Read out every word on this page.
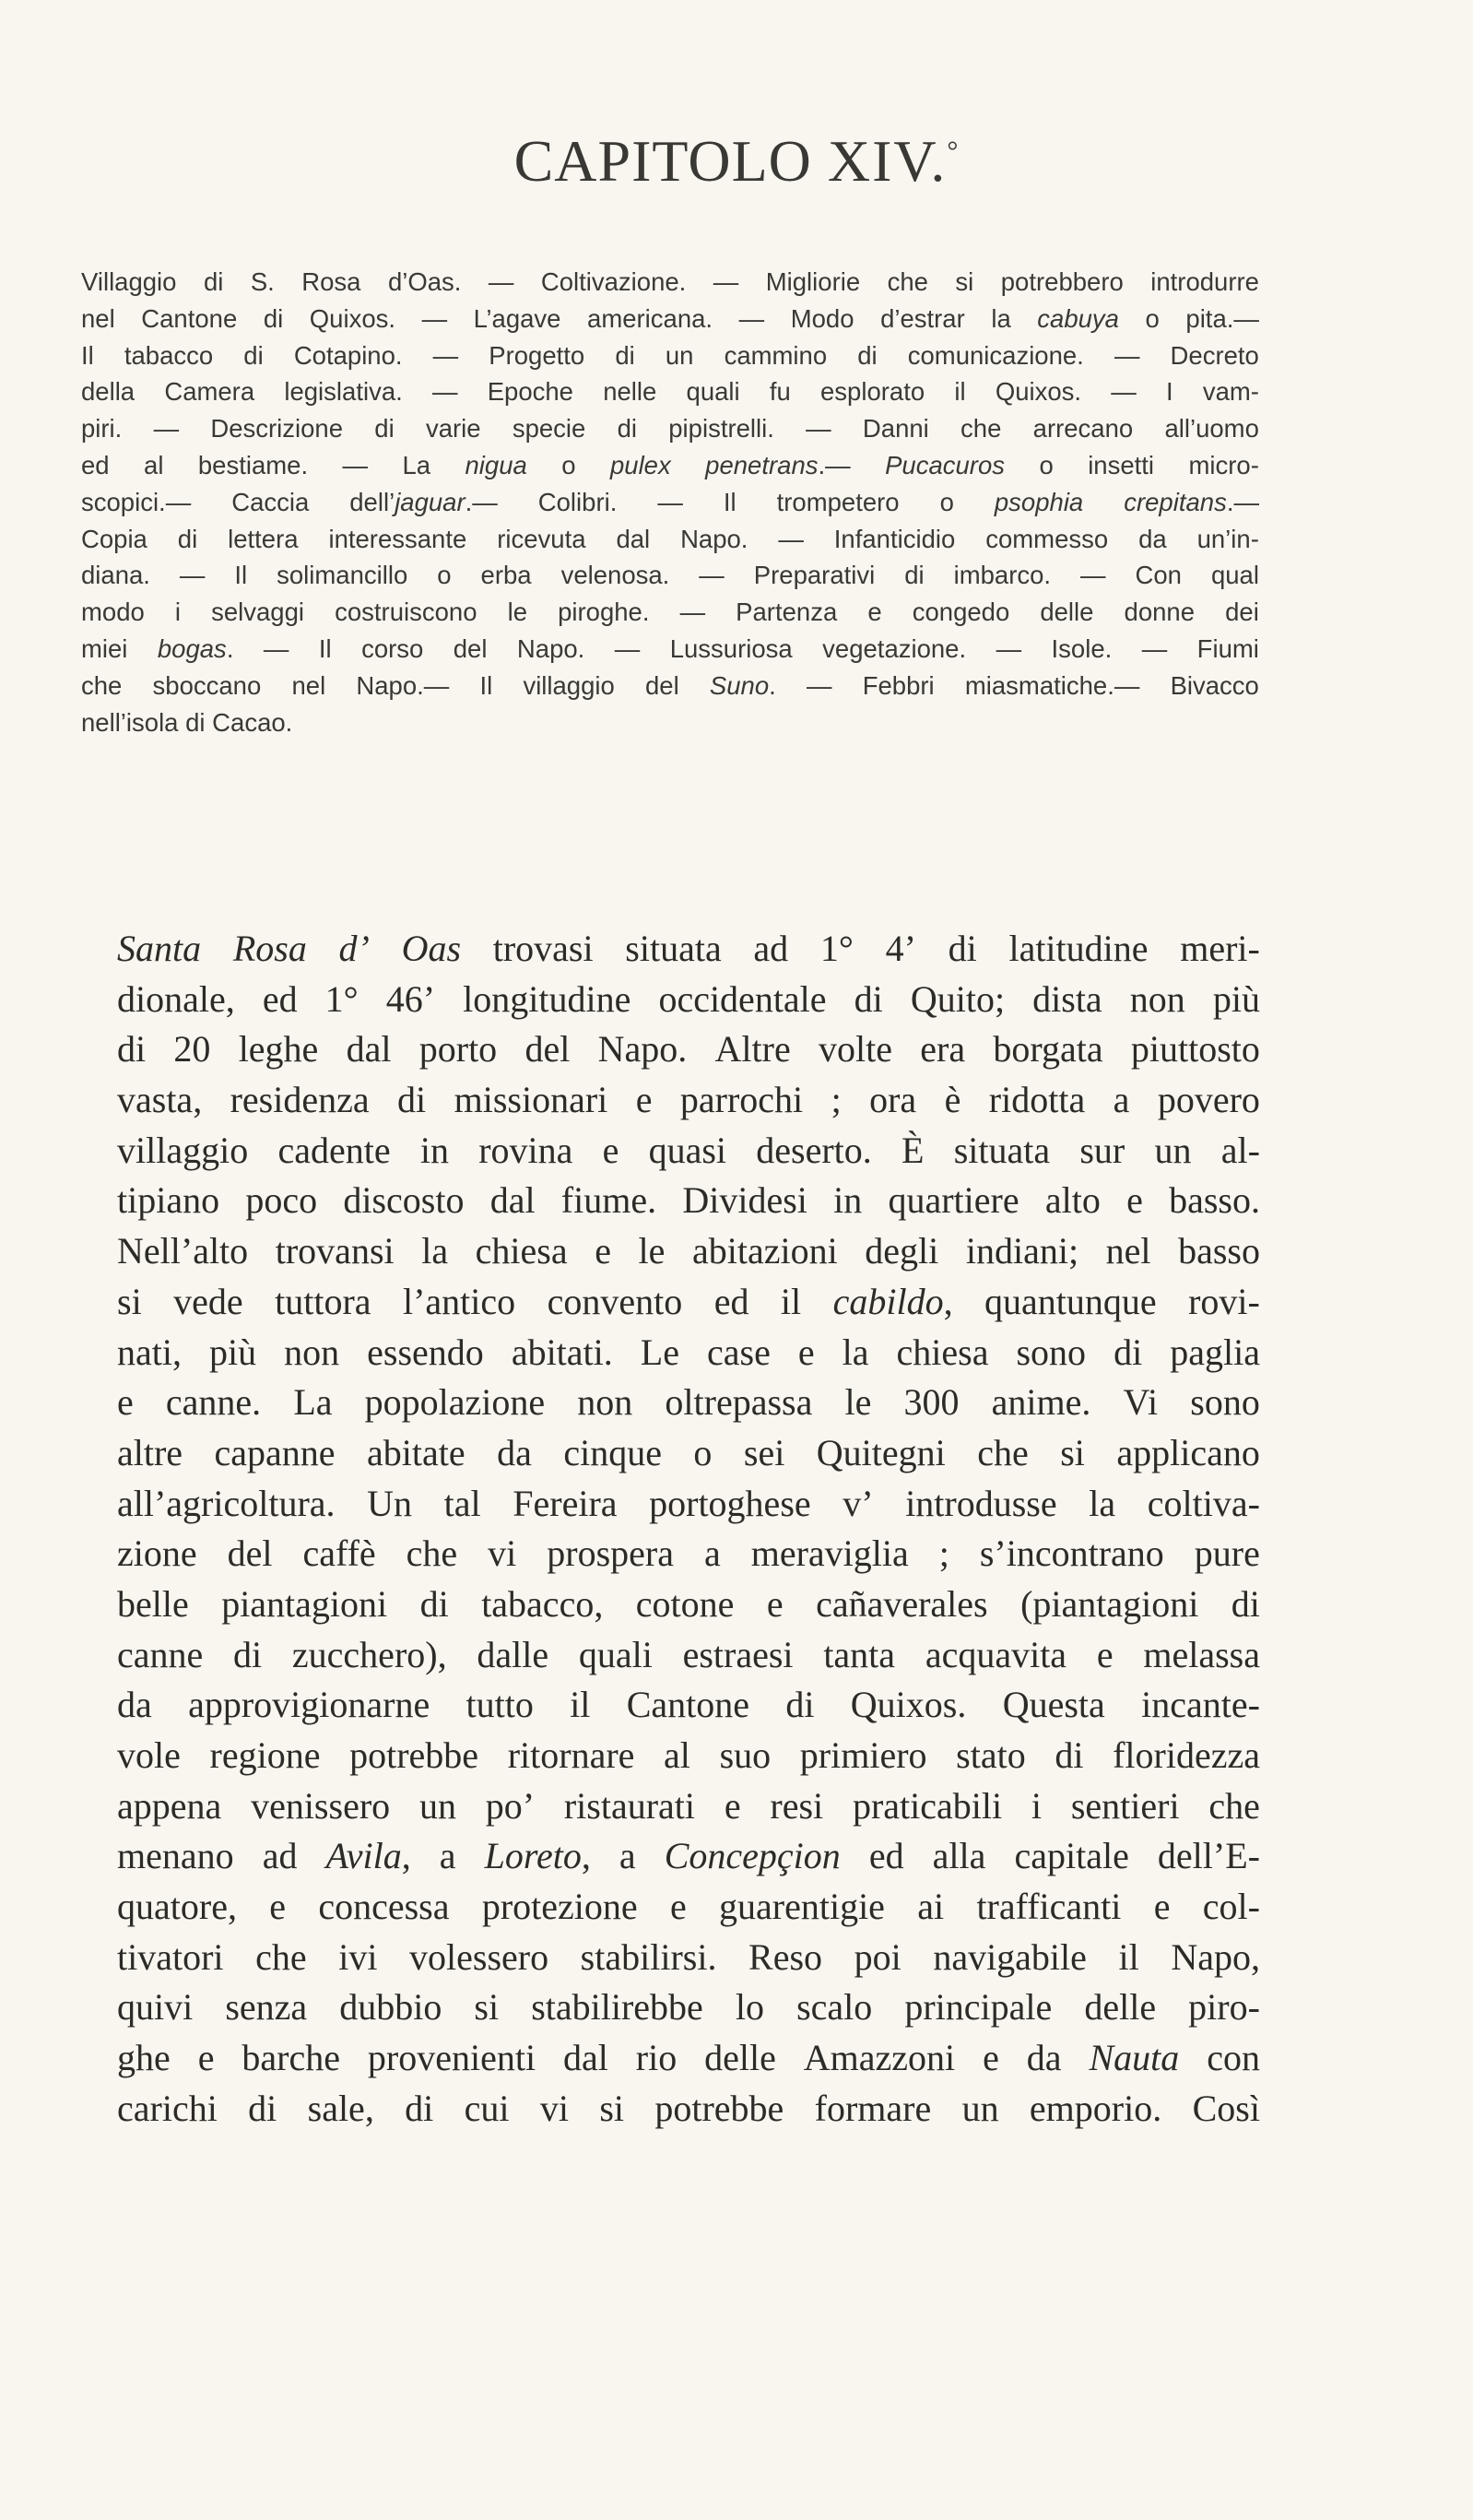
CAPITOLO XIV.°
Villaggio di S. Rosa d’Oas. — Coltivazione. — Migliorie che si potrebbero introdurre
nel Cantone di Quixos. — L’agave americana. — Modo d’estrar la cabuya o pita.—
Il tabacco di Cotapino. — Progetto di un cammino di comunicazione. — Decreto
della Camera legislativa. — Epoche nelle quali fu esplorato il Quixos. — I vam-
piri. — Descrizione di varie specie di pipistrelli. — Danni che arrecano all’uomo
ed al bestiame. — La nigua o pulex penetrans.— Pucacuros o insetti micro-
scopici.— Caccia dell’jaguar.— Colibri. — Il trompetero o psophia crepitans.—
Copia di lettera interessante ricevuta dal Napo. — Infanticidio commesso da un’in-
diana. — Il solimancillo o erba velenosa. — Preparativi di imbarco. — Con qual
modo i selvaggi costruiscono le piroghe. — Partenza e congedo delle donne dei
miei bogas. — Il corso del Napo. — Lussuriosa vegetazione. — Isole. — Fiumi
che sboccano nel Napo.— Il villaggio del Suno. — Febbri miasmatiche.— Bivacco
nell’isola
di
Cacao.

Santa Rosa d’ Oas trovasi situata ad 1° 4’ di latitudine meri-
dionale, ed 1° 46’ longitudine occidentale di Quito; dista non più
di 20 leghe dal porto del Napo. Altre volte era borgata piuttosto
vasta, residenza di missionari e parrochi ; ora è ridotta a povero
villaggio cadente in rovina e quasi deserto. È situata sur un al-
tipiano poco discosto dal fiume. Dividesi in quartiere alto e basso.
Nell’alto trovansi la chiesa e le abitazioni degli indiani; nel basso
si vede tuttora l’antico convento ed il cabildo, quantunque rovi-
nati, più non essendo abitati. Le case e la chiesa sono di paglia
e canne. La popolazione non oltrepassa le 300 anime. Vi sono
altre capanne abitate da cinque o sei Quitegni che si applicano
all’agricoltura. Un tal Fereira portoghese v’ introdusse la coltiva-
zione del caffè che vi prospera a meraviglia ; s’incontrano pure
belle piantagioni di tabacco, cotone e cañaverales (piantagioni di
canne di zucchero), dalle quali estraesi tanta acquavita e melassa
da approvigionarne tutto il Cantone di Quixos. Questa incante-
vole regione potrebbe ritornare al suo primiero stato di floridezza
appena venissero un po’ ristaurati e resi praticabili i sentieri che
menano ad Avila, a Loreto, a Concepçion ed alla capitale dell’E-
quatore, e concessa protezione e guarentigie ai trafficanti e col-
tivatori che ivi volessero stabilirsi. Reso poi navigabile il Napo,
quivi senza dubbio si stabilirebbe lo scalo principale delle piro-
ghe e barche provenienti dal rio delle Amazzoni e da Nauta con
carichi di sale, di cui vi si potrebbe formare un emporio. Così
